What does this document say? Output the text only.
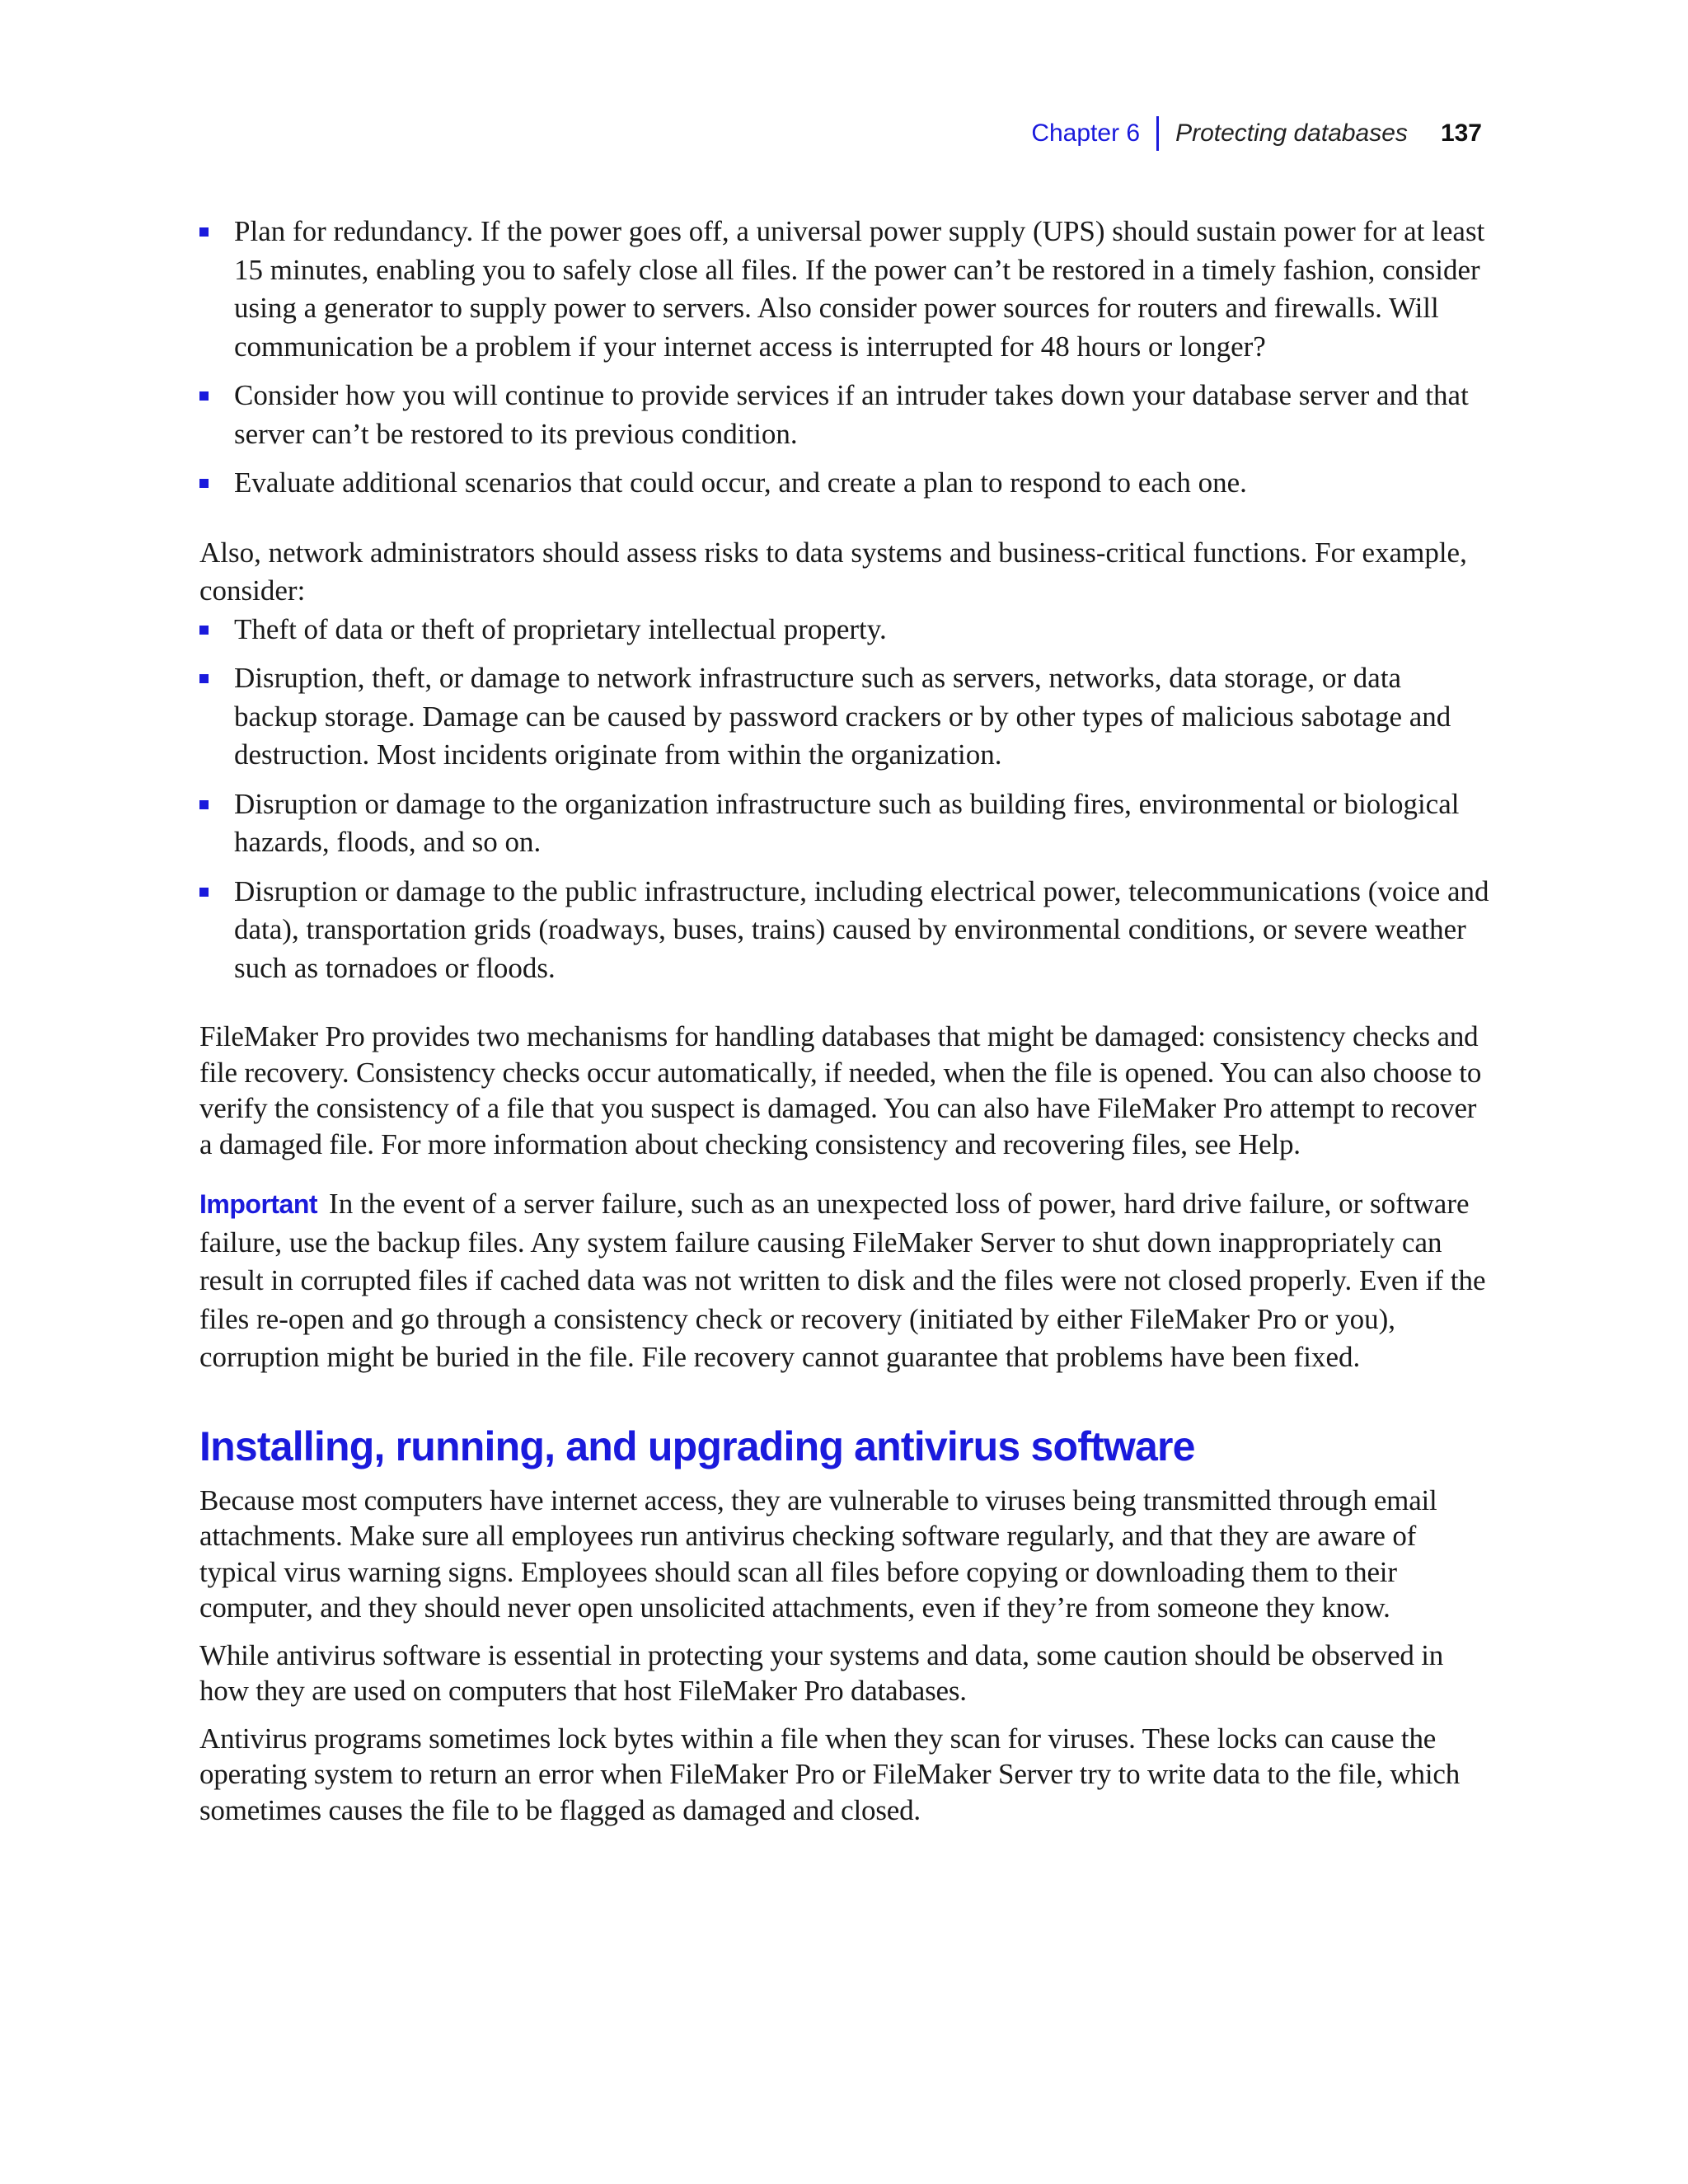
Chapter 6 Protecting databases 137
Plan for redundancy. If the power goes off, a universal power supply (UPS) should sustain power for at least 15 minutes, enabling you to safely close all files. If the power can’t be restored in a timely fashion, consider using a generator to supply power to servers. Also consider power sources for routers and firewalls. Will communication be a problem if your internet access is interrupted for 48 hours or longer?
Consider how you will continue to provide services if an intruder takes down your database server and that server can’t be restored to its previous condition.
Evaluate additional scenarios that could occur, and create a plan to respond to each one.

Also, network administrators should assess risks to data systems and business-critical functions. For example, consider:

Theft of data or theft of proprietary intellectual property.
Disruption, theft, or damage to network infrastructure such as servers, networks, data storage, or data backup storage. Damage can be caused by password crackers or by other types of malicious sabotage and destruction. Most incidents originate from within the organization.
Disruption or damage to the organization infrastructure such as building fires, environmental or biological hazards, floods, and so on.
Disruption or damage to the public infrastructure, including electrical power, telecommunications (voice and data), transportation grids (roadways, buses, trains) caused by environmental conditions, or severe weather such as tornadoes or floods.

FileMaker Pro provides two mechanisms for handling databases that might be damaged: consistency checks and file recovery. Consistency checks occur automatically, if needed, when the file is opened. You can also choose to verify the consistency of a file that you suspect is damaged. You can also have FileMaker Pro attempt to recover a damaged file. For more information about checking consistency and recovering files, see Help.

Important In the event of a server failure, such as an unexpected loss of power, hard drive failure, or software failure, use the backup files. Any system failure causing FileMaker Server to shut down inappropriately can result in corrupted files if cached data was not written to disk and the files were not closed properly. Even if the files re-open and go through a consistency check or recovery (initiated by either FileMaker Pro or you), corruption might be buried in the file. File recovery cannot guarantee that problems have been fixed.

Installing, running, and upgrading antivirus software

Because most computers have internet access, they are vulnerable to viruses being transmitted through email attachments. Make sure all employees run antivirus checking software regularly, and that they are aware of typical virus warning signs. Employees should scan all files before copying or downloading them to their computer, and they should never open unsolicited attachments, even if they’re from someone they know.

While antivirus software is essential in protecting your systems and data, some caution should be observed in how they are used on computers that host FileMaker Pro databases.

Antivirus programs sometimes lock bytes within a file when they scan for viruses. These locks can cause the operating system to return an error when FileMaker Pro or FileMaker Server try to write data to the file, which sometimes causes the file to be flagged as damaged and closed.
